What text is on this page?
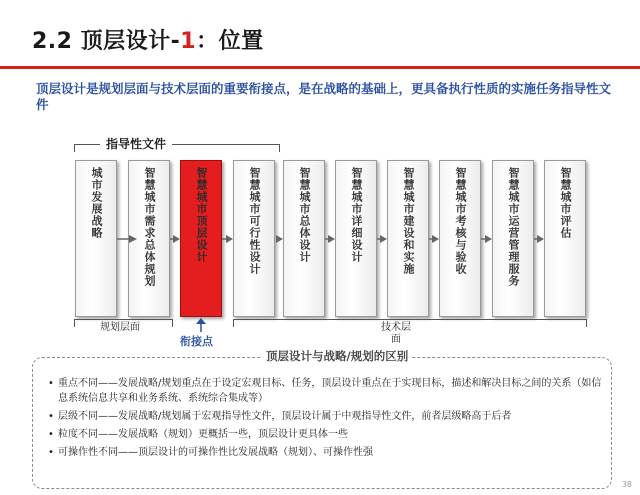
2.2 顶层设计-1：位置
顶层设计是规划层面与技术层面的重要衔接点，是在战略的基础上，更具备执行性质的实施任务指导性文件
指导性文件
城市发展战略	智慧城市需求总体规划	智慧城市顶层设计	智慧城市可行性设计	智慧城市总体设计	智慧城市详细设计	智慧城市建设和实施	智慧城市考核与验收	智慧城市运营管理服务	智慧城市评估
规划层面	技术层面
衔接点
顶层设计与战略/规划的区别
• 重点不同——发展战略/规划重点在于设定宏观目标、任务，顶层设计重点在于实现目标，描述和解决目标之间的关系（如信息系统信息共享和业务系统、系统综合集成等）
• 层级不同——发展战略/规划属于宏观指导性文件，顶层设计属于中观指导性文件，前者层级略高于后者
• 粒度不同——发展战略（规划）更概括一些，顶层设计更具体一些
• 可操作性不同——顶层设计的可操作性比发展战略（规划）、可操作性强
38
